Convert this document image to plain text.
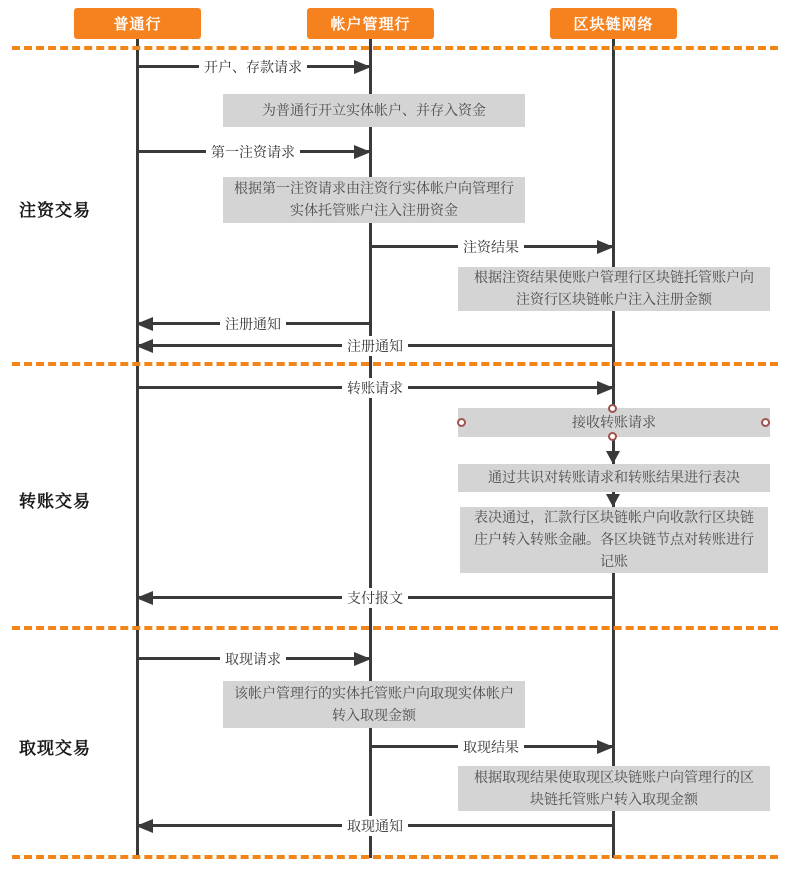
普通行	帐户管理行	区块链网络
注资交易
转账交易
取现交易
开户、存款请求
第一注资请求
注资结果
注册通知
注册通知
转账请求
支付报文
取现请求
取现结果
取现通知
为普通行开立实体帐户、并存入资金
根据第一注资请求由注资行实体帐户向管理行实体托管账户注入注册资金
根据注资结果使账户管理行区块链托管账户向注资行区块链帐户注入注册金额
接收转账请求
通过共识对转账请求和转账结果进行表决
表决通过，汇款行区块链帐户向收款行区块链庄户转入转账金融。各区块链节点对转账进行记账
该帐户管理行的实体托管账户向取现实体帐户转入取现金额
根据取现结果使取现区块链账户向管理行的区块链托管账户转入取现金额
